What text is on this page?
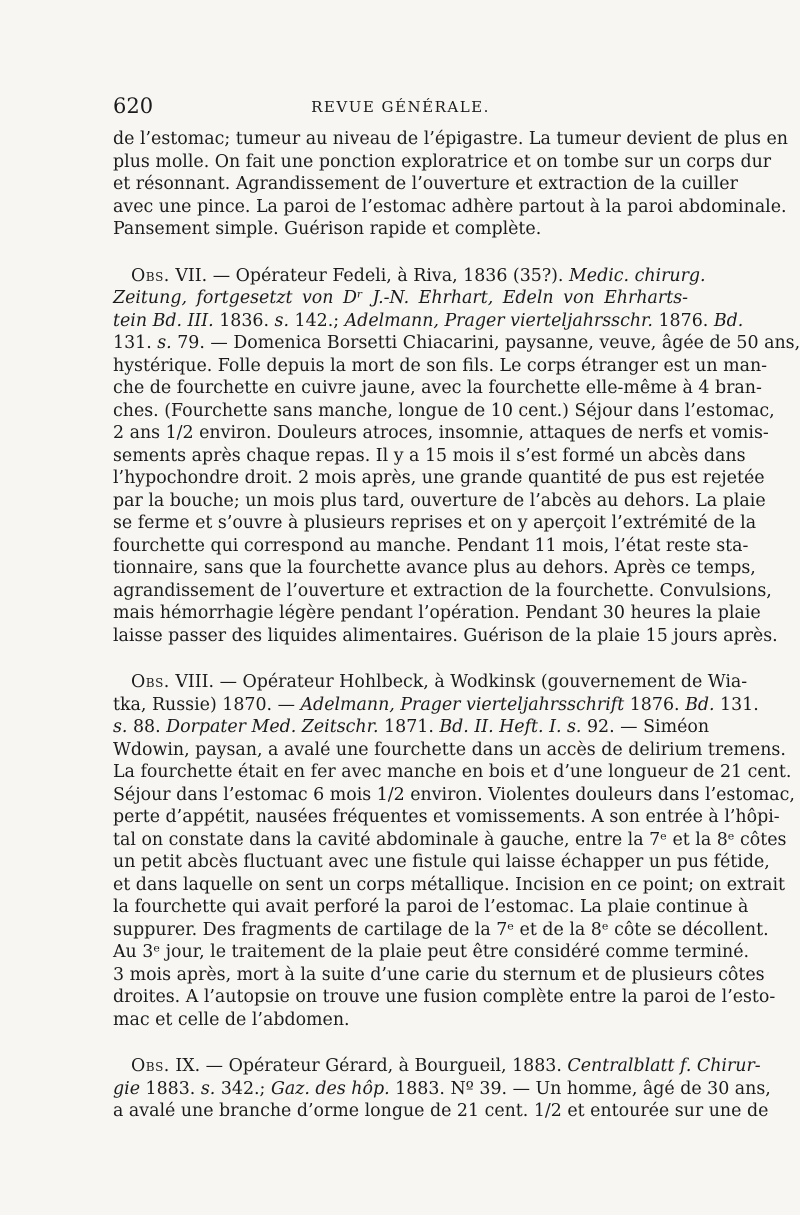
620	REVUE GÉNÉRALE.
de l’estomac; tumeur au niveau de l’épigastre. La tumeur devient de plus en
plus molle. On fait une ponction exploratrice et on tombe sur un corps dur
et résonnant. Agrandissement de l’ouverture et extraction de la cuiller
avec une pince. La paroi de l’estomac adhère partout à la paroi abdominale.
Pansement simple. Guérison rapide et complète.
Obs. VII. — Opérateur Fedeli, à Riva, 1836 (35?). Medic. chirurg.
Zeitung, fortgesetzt von Dʳ J.-N. Ehrhart, Edeln von Ehrharts-
tein Bd. III. 1836. s. 142.; Adelmann, Prager vierteljahrsschr. 1876. Bd.
131. s. 79. — Domenica Borsetti Chiacarini, paysanne, veuve, âgée de 50 ans,
hystérique. Folle depuis la mort de son fils. Le corps étranger est un man-
che de fourchette en cuivre jaune, avec la fourchette elle-même à 4 bran-
ches. (Fourchette sans manche, longue de 10 cent.) Séjour dans l’estomac,
2 ans 1/2 environ. Douleurs atroces, insomnie, attaques de nerfs et vomis-
sements après chaque repas. Il y a 15 mois il s’est formé un abcès dans
l’hypochondre droit. 2 mois après, une grande quantité de pus est rejetée
par la bouche; un mois plus tard, ouverture de l’abcès au dehors. La plaie
se ferme et s’ouvre à plusieurs reprises et on y aperçoit l’extrémité de la
fourchette qui correspond au manche. Pendant 11 mois, l’état reste sta-
tionnaire, sans que la fourchette avance plus au dehors. Après ce temps,
agrandissement de l’ouverture et extraction de la fourchette. Convulsions,
mais hémorrhagie légère pendant l’opération. Pendant 30 heures la plaie
laisse passer des liquides alimentaires. Guérison de la plaie 15 jours après.
Obs. VIII. — Opérateur Hohlbeck, à Wodkinsk (gouvernement de Wia-
tka, Russie) 1870. — Adelmann, Prager vierteljahrsschrift 1876. Bd. 131.
s. 88. Dorpater Med. Zeitschr. 1871. Bd. II. Heft. I. s. 92. — Siméon
Wdowin, paysan, a avalé une fourchette dans un accès de delirium tremens.
La fourchette était en fer avec manche en bois et d’une longueur de 21 cent.
Séjour dans l’estomac 6 mois 1/2 environ. Violentes douleurs dans l’estomac,
perte d’appétit, nausées fréquentes et vomissements. A son entrée à l’hôpi-
tal on constate dans la cavité abdominale à gauche, entre la 7ᵉ et la 8ᵉ côtes
un petit abcès fluctuant avec une fistule qui laisse échapper un pus fétide,
et dans laquelle on sent un corps métallique. Incision en ce point; on extrait
la fourchette qui avait perforé la paroi de l’estomac. La plaie continue à
suppurer. Des fragments de cartilage de la 7ᵉ et de la 8ᵉ côte se décollent.
Au 3ᵉ jour, le traitement de la plaie peut être considéré comme terminé.
3 mois après, mort à la suite d’une carie du sternum et de plusieurs côtes
droites. A l’autopsie on trouve une fusion complète entre la paroi de l’esto-
mac et celle de l’abdomen.
Obs. IX. — Opérateur Gérard, à Bourgueil, 1883. Centralblatt f. Chirur-
gie 1883. s. 342.; Gaz. des hôp. 1883. Nº 39. — Un homme, âgé de 30 ans,
a avalé une branche d’orme longue de 21 cent. 1/2 et entourée sur une de
